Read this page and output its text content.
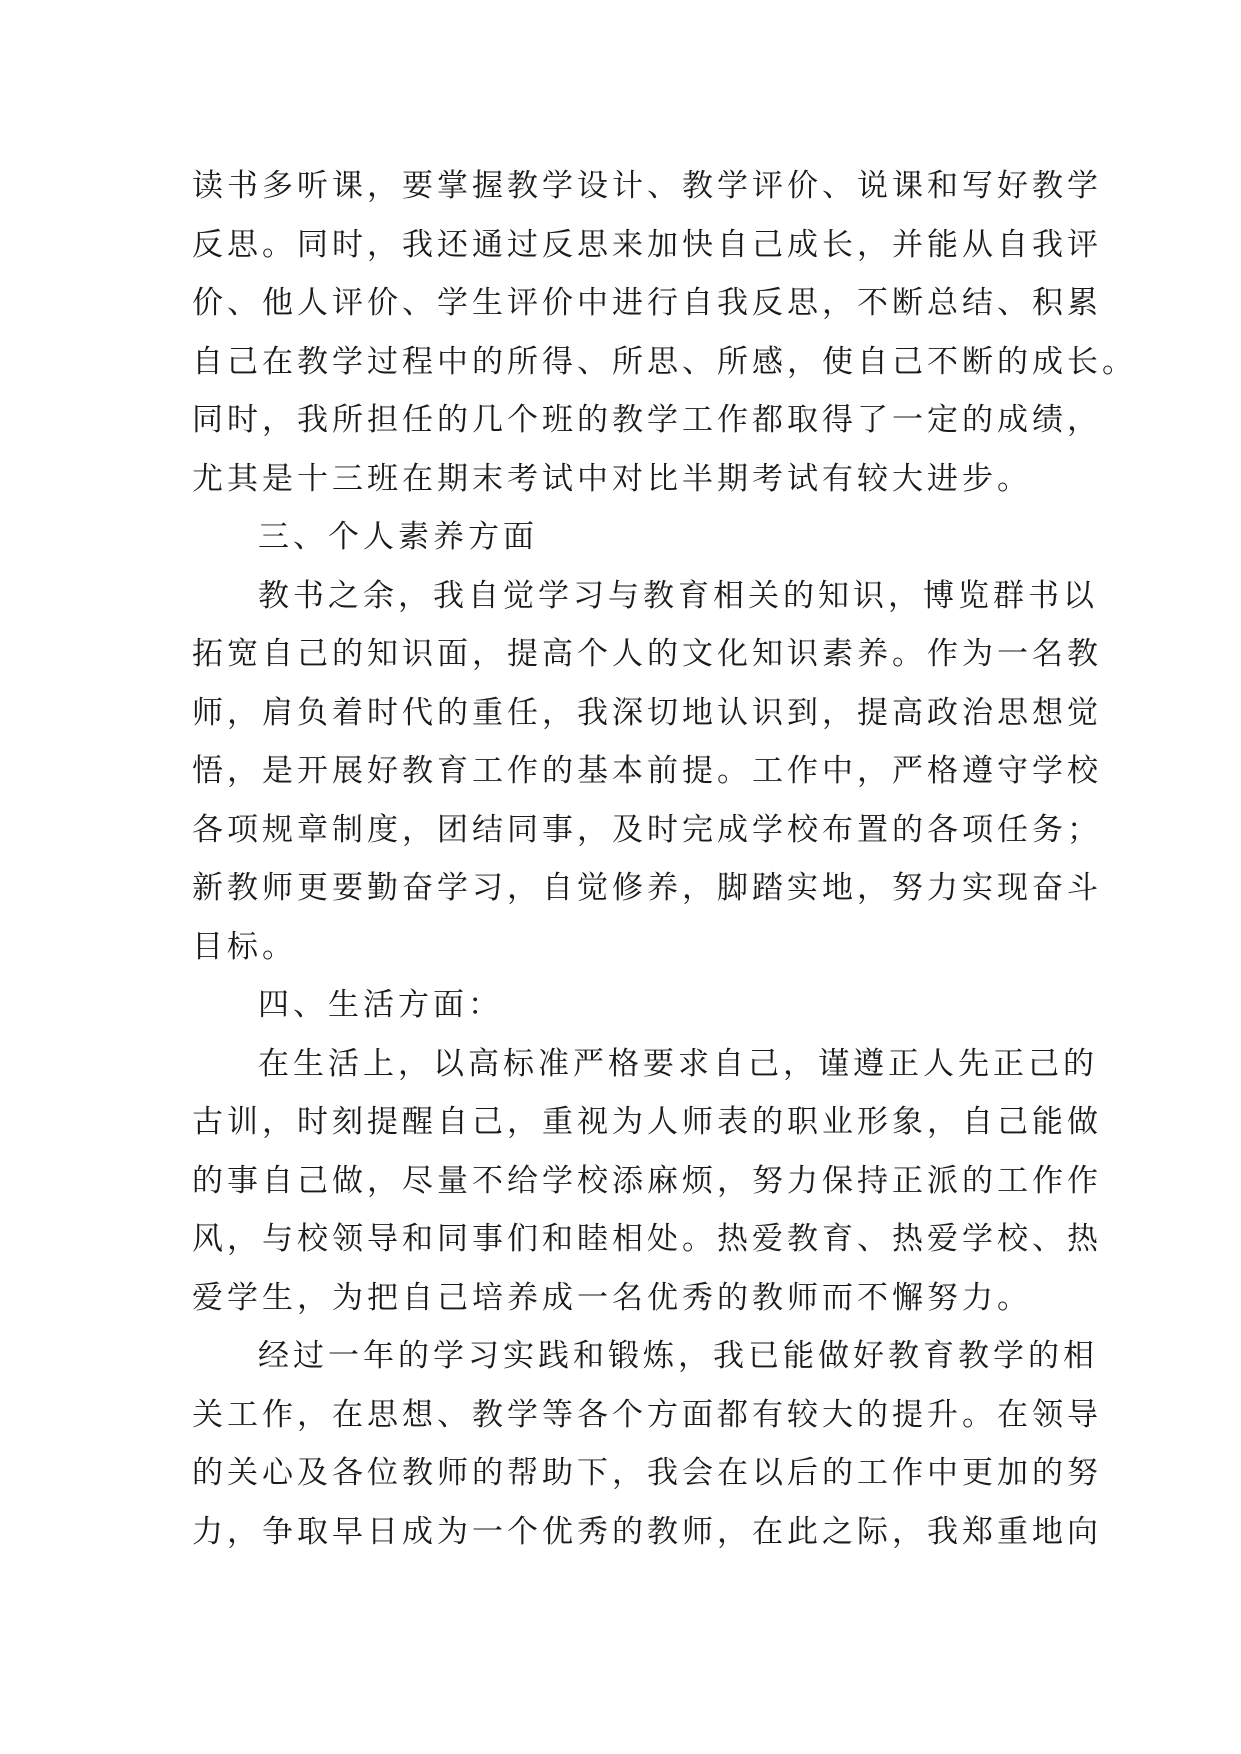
读书多听课，要掌握教学设计、教学评价、说课和写好教学
反思。同时，我还通过反思来加快自己成长，并能从自我评
价、他人评价、学生评价中进行自我反思，不断总结、积累
自己在教学过程中的所得、所思、所感，使自己不断的成长。
同时，我所担任的几个班的教学工作都取得了一定的成绩，
尤其是十三班在期末考试中对比半期考试有较大进步。
三、个人素养方面
教书之余，我自觉学习与教育相关的知识，博览群书以
拓宽自己的知识面，提高个人的文化知识素养。作为一名教
师，肩负着时代的重任，我深切地认识到，提高政治思想觉
悟，是开展好教育工作的基本前提。工作中，严格遵守学校
各项规章制度，团结同事，及时完成学校布置的各项任务；
新教师更要勤奋学习，自觉修养，脚踏实地，努力实现奋斗
目标。
四、生活方面：
在生活上，以高标准严格要求自己，谨遵正人先正己的
古训，时刻提醒自己，重视为人师表的职业形象，自己能做
的事自己做，尽量不给学校添麻烦，努力保持正派的工作作
风，与校领导和同事们和睦相处。热爱教育、热爱学校、热
爱学生，为把自己培养成一名优秀的教师而不懈努力。
经过一年的学习实践和锻炼，我已能做好教育教学的相
关工作，在思想、教学等各个方面都有较大的提升。在领导
的关心及各位教师的帮助下，我会在以后的工作中更加的努
力，争取早日成为一个优秀的教师，在此之际，我郑重地向
